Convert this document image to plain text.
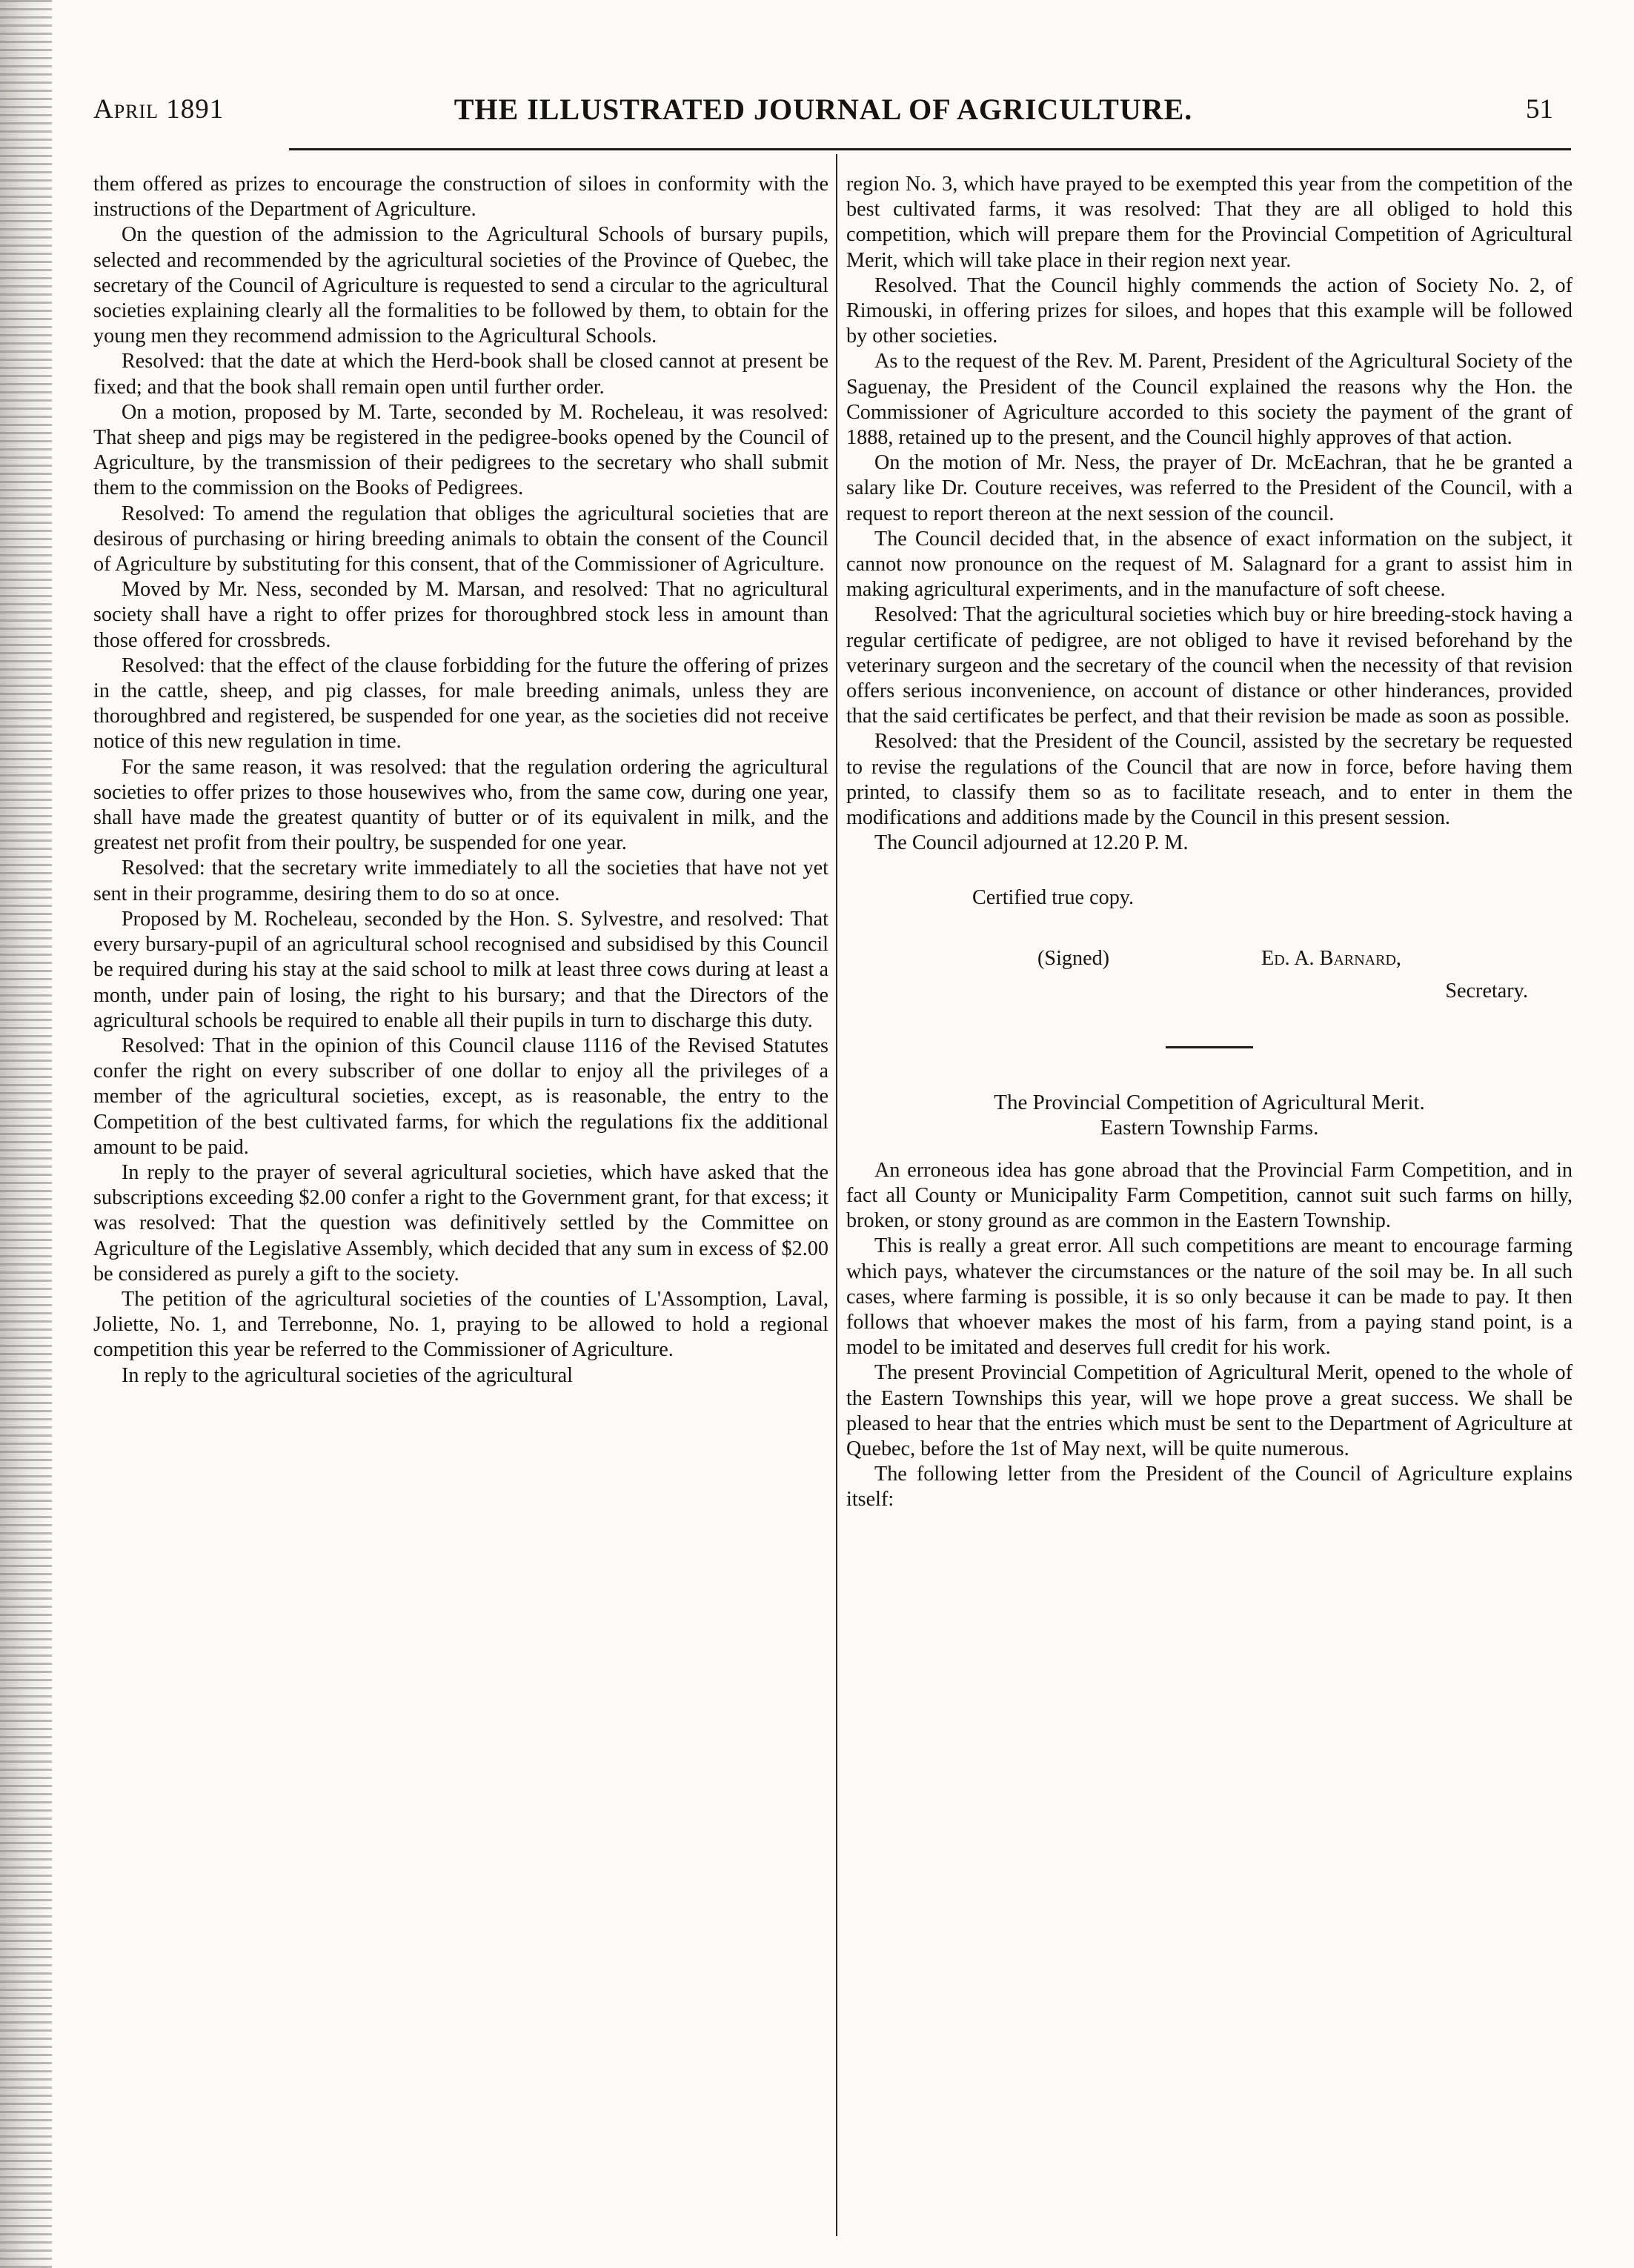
April 1891	THE ILLUSTRATED JOURNAL OF AGRICULTURE.	51

them offered as prizes to encourage the construction of siloes in conformity with the instructions of the Department of Agriculture.

On the question of the admission to the Agricultural Schools of bursary pupils, selected and recommended by the agricultural societies of the Province of Quebec, the secretary of the Council of Agriculture is requested to send a circular to the agricultural societies explaining clearly all the formalities to be followed by them, to obtain for the young men they recommend admission to the Agricultural Schools.

Resolved: that the date at which the Herd-book shall be closed cannot at present be fixed; and that the book shall remain open until further order.

On a motion, proposed by M. Tarte, seconded by M. Rocheleau, it was resolved: That sheep and pigs may be registered in the pedigree-books opened by the Council of Agriculture, by the transmission of their pedigrees to the secretary who shall submit them to the commission on the Books of Pedigrees.

Resolved: To amend the regulation that obliges the agricultural societies that are desirous of purchasing or hiring breeding animals to obtain the consent of the Council of Agriculture by substituting for this consent, that of the Commissioner of Agriculture.

Moved by Mr. Ness, seconded by M. Marsan, and resolved: That no agricultural society shall have a right to offer prizes for thoroughbred stock less in amount than those offered for crossbreds.

Resolved: that the effect of the clause forbidding for the future the offering of prizes in the cattle, sheep, and pig classes, for male breeding animals, unless they are thoroughbred and registered, be suspended for one year, as the societies did not receive notice of this new regulation in time.

For the same reason, it was resolved: that the regulation ordering the agricultural societies to offer prizes to those housewives who, from the same cow, during one year, shall have made the greatest quantity of butter or of its equivalent in milk, and the greatest net profit from their poultry, be suspended for one year.

Resolved: that the secretary write immediately to all the societies that have not yet sent in their programme, desiring them to do so at once.

Proposed by M. Rocheleau, seconded by the Hon. S. Sylvestre, and resolved: That every bursary-pupil of an agricultural school recognised and subsidised by this Council be required during his stay at the said school to milk at least three cows during at least a month, under pain of losing, the right to his bursary; and that the Directors of the agricultural schools be required to enable all their pupils in turn to discharge this duty.

Resolved: That in the opinion of this Council clause 1116 of the Revised Statutes confer the right on every subscriber of one dollar to enjoy all the privileges of a member of the agricultural societies, except, as is reasonable, the entry to the Competition of the best cultivated farms, for which the regulations fix the additional amount to be paid.

In reply to the prayer of several agricultural societies, which have asked that the subscriptions exceeding $2.00 confer a right to the Government grant, for that excess; it was resolved: That the question was definitively settled by the Committee on Agriculture of the Legislative Assembly, which decided that any sum in excess of $2.00 be considered as purely a gift to the society.

The petition of the agricultural societies of the counties of L'Assomption, Laval, Joliette, No. 1, and Terrebonne, No. 1, praying to be allowed to hold a regional competition this year be referred to the Commissioner of Agriculture.

In reply to the agricultural societies of the agricultural

region No. 3, which have prayed to be exempted this year from the competition of the best cultivated farms, it was resolved: That they are all obliged to hold this competition, which will prepare them for the Provincial Competition of Agricultural Merit, which will take place in their region next year.

Resolved. That the Council highly commends the action of Society No. 2, of Rimouski, in offering prizes for siloes, and hopes that this example will be followed by other societies.

As to the request of the Rev. M. Parent, President of the Agricultural Society of the Saguenay, the President of the Council explained the reasons why the Hon. the Commissioner of Agriculture accorded to this society the payment of the grant of 1888, retained up to the present, and the Council highly approves of that action.

On the motion of Mr. Ness, the prayer of Dr. McEachran, that he be granted a salary like Dr. Couture receives, was referred to the President of the Council, with a request to report thereon at the next session of the council.

The Council decided that, in the absence of exact information on the subject, it cannot now pronounce on the request of M. Salagnard for a grant to assist him in making agricultural experiments, and in the manufacture of soft cheese.

Resolved: That the agricultural societies which buy or hire breeding-stock having a regular certificate of pedigree, are not obliged to have it revised beforehand by the veterinary surgeon and the secretary of the council when the necessity of that revision offers serious inconvenience, on account of distance or other hinderances, provided that the said certificates be perfect, and that their revision be made as soon as possible.

Resolved: that the President of the Council, assisted by the secretary be requested to revise the regulations of the Council that are now in force, before having them printed, to classify them so as to facilitate reseach, and to enter in them the modifications and additions made by the Council in this present session.

The Council adjourned at 12.20 P. M.

Certified true copy.

(Signed)	Ed. A. Barnard,
Secretary.
The Provincial Competition of Agricultural Merit.
Eastern Township Farms.

An erroneous idea has gone abroad that the Provincial Farm Competition, and in fact all County or Municipality Farm Competition, cannot suit such farms on hilly, broken, or stony ground as are common in the Eastern Township.

This is really a great error. All such competitions are meant to encourage farming which pays, whatever the circumstances or the nature of the soil may be. In all such cases, where farming is possible, it is so only because it can be made to pay. It then follows that whoever makes the most of his farm, from a paying stand point, is a model to be imitated and deserves full credit for his work.

The present Provincial Competition of Agricultural Merit, opened to the whole of the Eastern Townships this year, will we hope prove a great success. We shall be pleased to hear that the entries which must be sent to the Department of Agriculture at Quebec, before the 1st of May next, will be quite numerous.

The following letter from the President of the Council of Agriculture explains itself:
